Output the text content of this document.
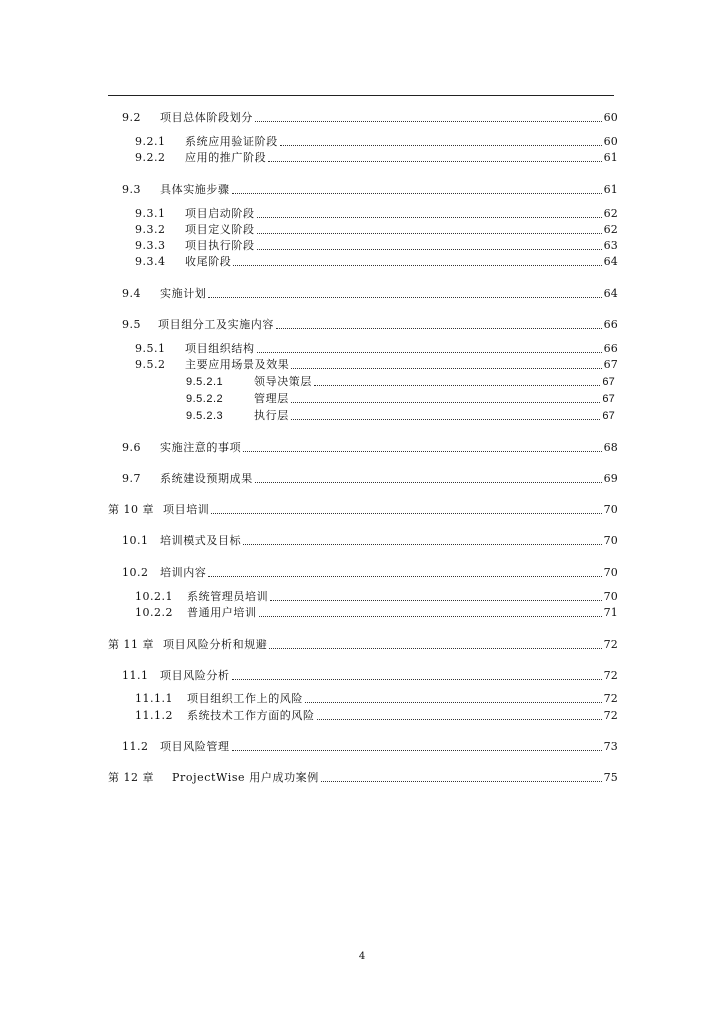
9.2	项目总体阶段划分	60
9.2.1	系统应用验证阶段	60
9.2.2	应用的推广阶段	61
9.3	具体实施步骤	61
9.3.1	项目启动阶段	62
9.3.2	项目定义阶段	62
9.3.3	项目执行阶段	63
9.3.4	收尾阶段	64
9.4	实施计划	64
9.5	项目组分工及实施内容	66
9.5.1	项目组织结构	66
9.5.2	主要应用场景及效果	67
9.5.2.1	领导决策层	67
9.5.2.2	管理层	67
9.5.2.3	执行层	67
9.6	实施注意的事项	68
9.7	系统建设预期成果	69
第 10 章 项目培训	70
10.1	培训模式及目标	70
10.2	培训内容	70
10.2.1	系统管理员培训	70
10.2.2	普通用户培训	71
第 11 章 项目风险分析和规避	72
11.1	项目风险分析	72
11.1.1	项目组织工作上的风险	72
11.1.2	系统技术工作方面的风险	72
11.2	项目风险管理	73
第 12 章	ProjectWise 用户成功案例	75
4
